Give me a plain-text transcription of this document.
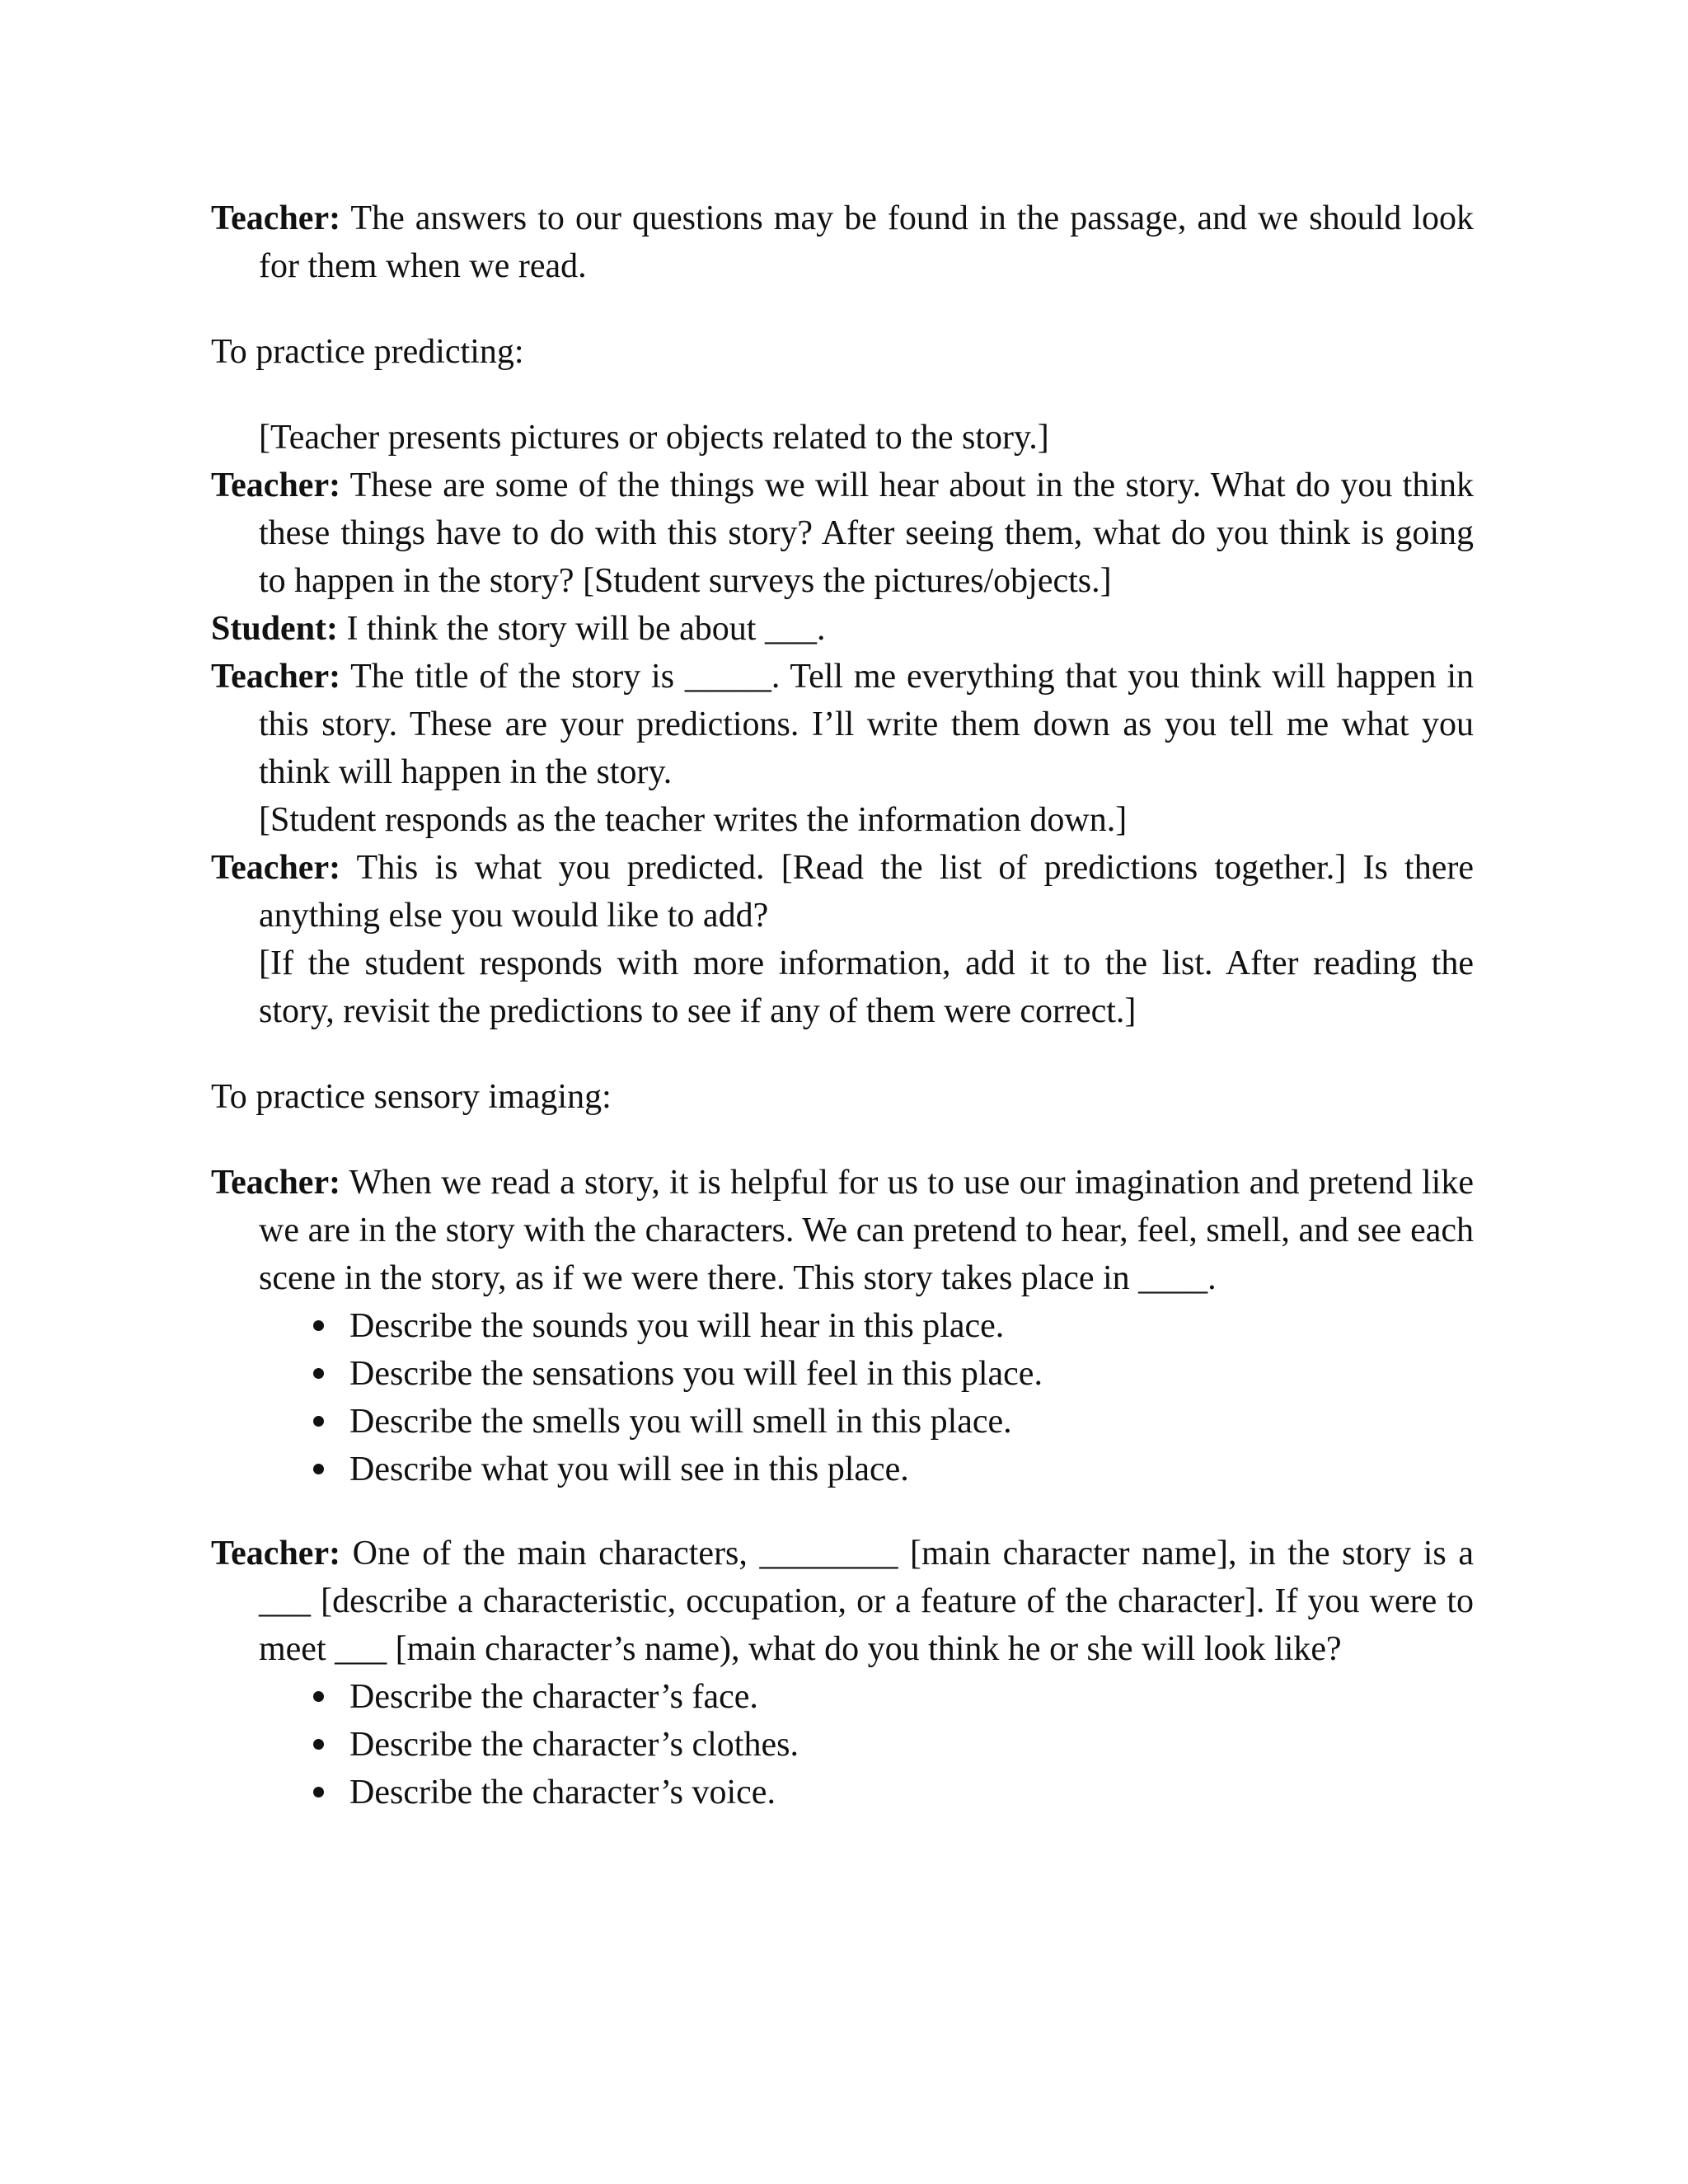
Teacher: The answers to our questions may be found in the passage, and we should look for them when we read.

To practice predicting:

[Teacher presents pictures or objects related to the story.]

Teacher: These are some of the things we will hear about in the story. What do you think these things have to do with this story? After seeing them, what do you think is going to happen in the story? [Student surveys the pictures/objects.]

Student: I think the story will be about ___.

Teacher: The title of the story is _____. Tell me everything that you think will happen in this story. These are your predictions. I’ll write them down as you tell me what you think will happen in the story.

[Student responds as the teacher writes the information down.]

Teacher: This is what you predicted. [Read the list of predictions together.] Is there anything else you would like to add?

[If the student responds with more information, add it to the list. After reading the story, revisit the predictions to see if any of them were correct.]

To practice sensory imaging:

Teacher: When we read a story, it is helpful for us to use our imagination and pretend like we are in the story with the characters. We can pretend to hear, feel, smell, and see each scene in the story, as if we were there. This story takes place in ____.

Describe the sounds you will hear in this place.
Describe the sensations you will feel in this place.
Describe the smells you will smell in this place.
Describe what you will see in this place.

Teacher: One of the main characters, ________ [main character name], in the story is a ___ [describe a characteristic, occupation, or a feature of the character]. If you were to meet ___ [main character’s name), what do you think he or she will look like?

Describe the character’s face.
Describe the character’s clothes.
Describe the character’s voice.
